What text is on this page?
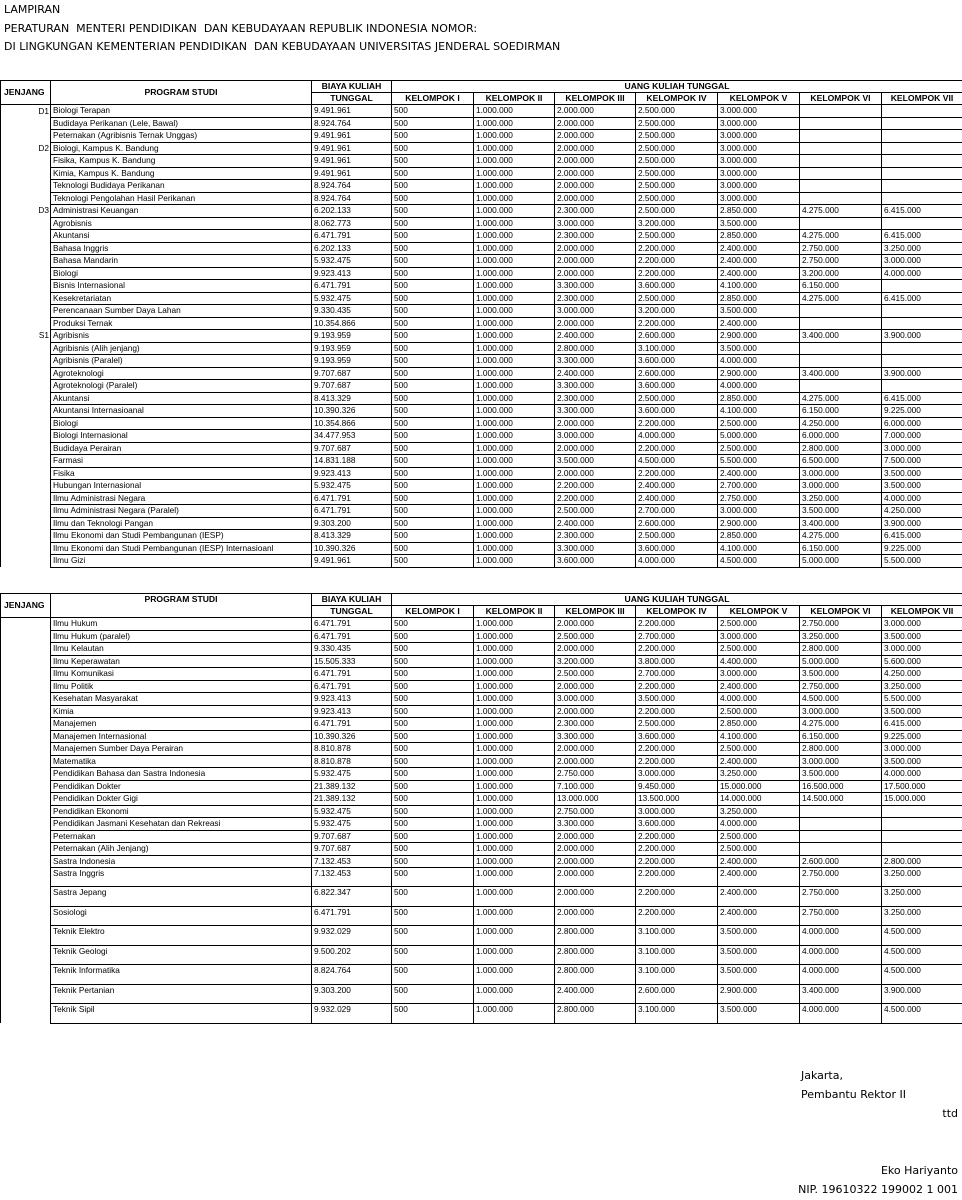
LAMPIRAN
PERATURAN  MENTERI PENDIDIKAN  DAN KEBUDAYAAN REPUBLIK INDONESIA NOMOR:
DI LINGKUNGAN KEMENTERIAN PENDIDIKAN  DAN KEBUDAYAAN UNIVERSITAS JENDERAL SOEDIRMAN
JENJANG	PROGRAM STUDI	BIAYA KULIAH	UANG KULIAH TUNGGAL						
		TUNGGAL	KELOMPOK I	KELOMPOK II	KELOMPOK III	KELOMPOK IV	KELOMPOK V	KELOMPOK VI	KELOMPOK VII
D1	Biologi Terapan	9.491.961	500	1.000.000	2.000.000	2.500.000	3.000.000		
	Budidaya Perikanan (Lele, Bawal)	8.924.764	500	1.000.000	2.000.000	2.500.000	3.000.000		
	Peternakan (Agribisnis Ternak Unggas)	9.491.961	500	1.000.000	2.000.000	2.500.000	3.000.000		
D2	Biologi, Kampus K. Bandung	9.491.961	500	1.000.000	2.000.000	2.500.000	3.000.000		
	Fisika, Kampus K. Bandung	9.491.961	500	1.000.000	2.000.000	2.500.000	3.000.000		
	Kimia, Kampus K. Bandung	9.491.961	500	1.000.000	2.000.000	2.500.000	3.000.000		
	Teknologi Budidaya Perikanan	8.924.764	500	1.000.000	2.000.000	2.500.000	3.000.000		
	Teknologi Pengolahan Hasil Perikanan	8.924.764	500	1.000.000	2.000.000	2.500.000	3.000.000		
D3	Administrasi Keuangan	6.202.133	500	1.000.000	2.300.000	2.500.000	2.850.000	4.275.000	6.415.000
	Agrobisnis	8.062.773	500	1.000.000	3.000.000	3.200.000	3.500.000		
	Akuntansi	6.471.791	500	1.000.000	2.300.000	2.500.000	2.850.000	4.275.000	6.415.000
	Bahasa Inggris	6.202.133	500	1.000.000	2.000.000	2.200.000	2.400.000	2.750.000	3.250.000
	Bahasa Mandarin	5.932.475	500	1.000.000	2.000.000	2.200.000	2.400.000	2.750.000	3.000.000
	Biologi	9.923.413	500	1.000.000	2.000.000	2.200.000	2.400.000	3.200.000	4.000.000
	Bisnis Internasional	6.471.791	500	1.000.000	3.300.000	3.600.000	4.100.000	6.150.000	
	Kesekretariatan	5.932.475	500	1.000.000	2.300.000	2.500.000	2.850.000	4.275.000	6.415.000
	Perencanaan Sumber Daya Lahan	9.330.435	500	1.000.000	3.000.000	3.200.000	3.500.000		
	Produksi Ternak	10.354.866	500	1.000.000	2.000.000	2.200.000	2.400.000		
S1	Agribisnis	9.193.959	500	1.000.000	2.400.000	2.600.000	2.900.000	3.400.000	3.900.000
	Agribisnis (Alih jenjang)	9.193.959	500	1.000.000	2.800.000	3.100.000	3.500.000		
	Agribisnis (Paralel)	9.193.959	500	1.000.000	3.300.000	3.600.000	4.000.000		
	Agroteknologi	9.707.687	500	1.000.000	2.400.000	2.600.000	2.900.000	3.400.000	3.900.000
	Agroteknologi (Paralel)	9.707.687	500	1.000.000	3.300.000	3.600.000	4.000.000		
	Akuntansi	8.413.329	500	1.000.000	2.300.000	2.500.000	2.850.000	4.275.000	6.415.000
	Akuntansi Internasioanal	10.390.326	500	1.000.000	3.300.000	3.600.000	4.100.000	6.150.000	9.225.000
	Biologi	10.354.866	500	1.000.000	2.000.000	2.200.000	2.500.000	4.250.000	6.000.000
	Biologi Internasional	34.477.953	500	1.000.000	3.000.000	4.000.000	5.000.000	6.000.000	7.000.000
	Budidaya Perairan	9.707.687	500	1.000.000	2.000.000	2.200.000	2.500.000	2.800.000	3.000.000
	Farmasi	14.831.188	500	1.000.000	3.500.000	4.500.000	5.500.000	6.500.000	7.500.000
	Fisika	9.923.413	500	1.000.000	2.000.000	2.200.000	2.400.000	3.000.000	3.500.000
	Hubungan Internasional	5.932.475	500	1.000.000	2.200.000	2.400.000	2.700.000	3.000.000	3.500.000
	Ilmu Administrasi Negara	6.471.791	500	1.000.000	2.200.000	2.400.000	2.750.000	3.250.000	4.000.000
	Ilmu Administrasi Negara (Paralel)	6.471.791	500	1.000.000	2.500.000	2.700.000	3.000.000	3.500.000	4.250.000
	Ilmu dan Teknologi Pangan	9.303.200	500	1.000.000	2.400.000	2.600.000	2.900.000	3.400.000	3.900.000
	Ilmu Ekonomi dan Studi Pembangunan (IESP)	8.413.329	500	1.000.000	2.300.000	2.500.000	2.850.000	4.275.000	6.415.000
	Ilmu Ekonomi dan Studi Pembangunan (IESP) Internasioanl	10.390.326	500	1.000.000	3.300.000	3.600.000	4.100.000	6.150.000	9.225.000
	Ilmu Gizi	9.491.961	500	1.000.000	3.600.000	4.000.000	4.500.000	5.000.000	5.500.000
JENJANG	PROGRAM STUDI	BIAYA KULIAH	UANG KULIAH TUNGGAL						
		TUNGGAL	KELOMPOK I	KELOMPOK II	KELOMPOK III	KELOMPOK IV	KELOMPOK V	KELOMPOK VI	KELOMPOK VII
	Ilmu Hukum	6.471.791	500	1.000.000	2.000.000	2.200.000	2.500.000	2.750.000	3.000.000
	Ilmu Hukum (paralel)	6.471.791	500	1.000.000	2.500.000	2.700.000	3.000.000	3.250.000	3.500.000
	Ilmu Kelautan	9.330.435	500	1.000.000	2.000.000	2.200.000	2.500.000	2.800.000	3.000.000
	Ilmu Keperawatan	15.505.333	500	1.000.000	3.200.000	3.800.000	4.400.000	5.000.000	5.600.000
	Ilmu Komunikasi	6.471.791	500	1.000.000	2.500.000	2.700.000	3.000.000	3.500.000	4.250.000
	Ilmu Politik	6.471.791	500	1.000.000	2.000.000	2.200.000	2.400.000	2.750.000	3.250.000
	Kesehatan Masyarakat	9.923.413	500	1.000.000	3.000.000	3.500.000	4.000.000	4.500.000	5.500.000
	Kimia	9.923.413	500	1.000.000	2.000.000	2.200.000	2.500.000	3.000.000	3.500.000
	Manajemen	6.471.791	500	1.000.000	2.300.000	2.500.000	2.850.000	4.275.000	6.415.000
	Manajemen Internasional	10.390.326	500	1.000.000	3.300.000	3.600.000	4.100.000	6.150.000	9.225.000
	Manajemen Sumber Daya Perairan	8.810.878	500	1.000.000	2.000.000	2.200.000	2.500.000	2.800.000	3.000.000
	Matematika	8.810.878	500	1.000.000	2.000.000	2.200.000	2.400.000	3.000.000	3.500.000
	Pendidikan Bahasa dan Sastra Indonesia	5.932.475	500	1.000.000	2.750.000	3.000.000	3.250.000	3.500.000	4.000.000
	Pendidikan Dokter	21.389.132	500	1.000.000	7.100.000	9.450.000	15.000.000	16.500.000	17.500.000
	Pendidikan Dokter Gigi	21.389.132	500	1.000.000	13.000.000	13.500.000	14.000.000	14.500.000	15.000.000
	Pendidikan Ekonomi	5.932.475	500	1.000.000	2.750.000	3.000.000	3.250.000		
	Pendidikan Jasmani Kesehatan dan Rekreasi	5.932.475	500	1.000.000	3.300.000	3.600.000	4.000.000		
	Peternakan	9.707.687	500	1.000.000	2.000.000	2.200.000	2.500.000		
	Peternakan (Alih Jenjang)	9.707.687	500	1.000.000	2.000.000	2.200.000	2.500.000		
	Sastra Indonesia	7.132.453	500	1.000.000	2.000.000	2.200.000	2.400.000	2.600.000	2.800.000
	Sastra Inggris	7.132.453	500	1.000.000	2.000.000	2.200.000	2.400.000	2.750.000	3.250.000
	Sastra Jepang	6.822.347	500	1.000.000	2.000.000	2.200.000	2.400.000	2.750.000	3.250.000
	Sosiologi	6.471.791	500	1.000.000	2.000.000	2.200.000	2.400.000	2.750.000	3.250.000
	Teknik Elektro	9.932.029	500	1.000.000	2.800.000	3.100.000	3.500.000	4.000.000	4.500.000
	Teknik Geologi	9.500.202	500	1.000.000	2.800.000	3.100.000	3.500.000	4.000.000	4.500.000
	Teknik Informatika	8.824.764	500	1.000.000	2.800.000	3.100.000	3.500.000	4.000.000	4.500.000
	Teknik Pertanian	9.303.200	500	1.000.000	2.400.000	2.600.000	2.900.000	3.400.000	3.900.000
	Teknik Sipil	9.932.029	500	1.000.000	2.800.000	3.100.000	3.500.000	4.000.000	4.500.000
Jakarta,
Pembantu Rektor II
ttd
Eko Hariyanto
NIP. 19610322 199002 1 001
